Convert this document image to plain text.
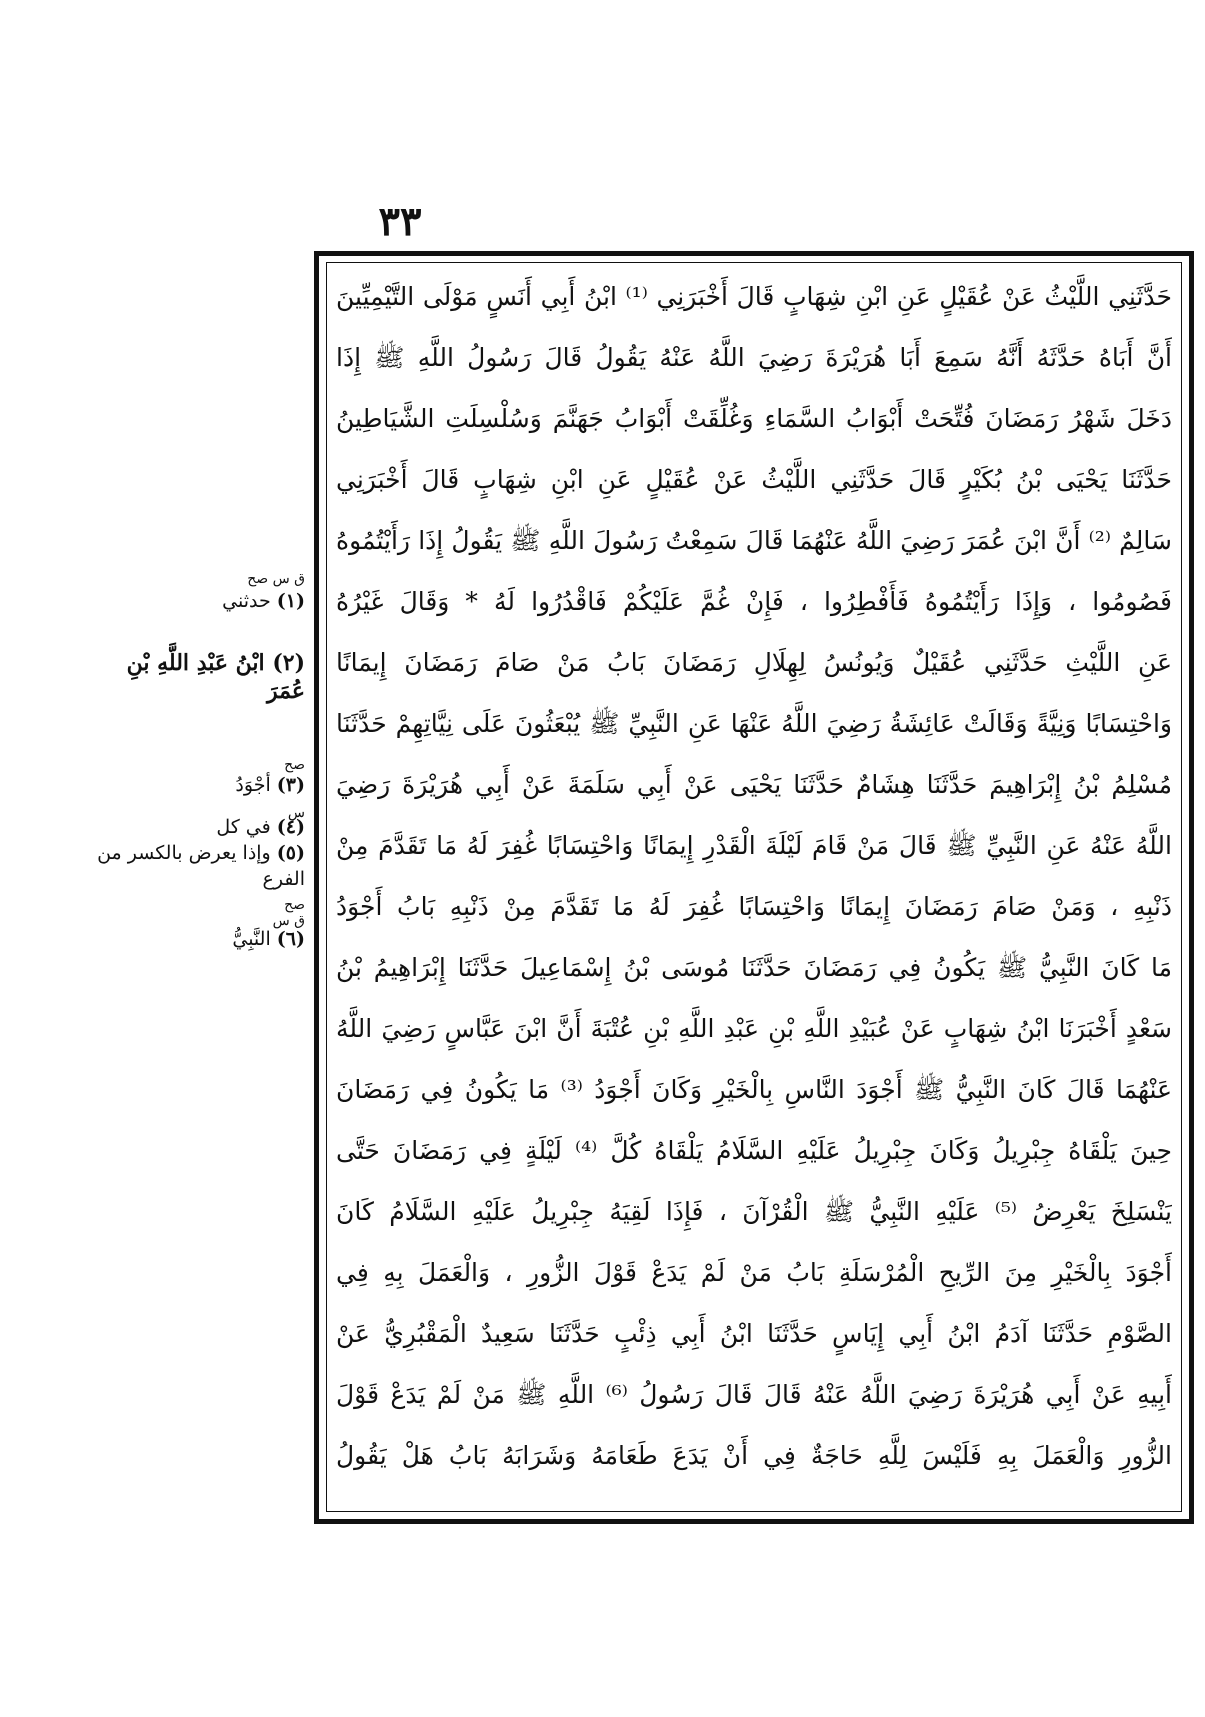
٣٣
حَدَّثَنِي اللَّيْثُ عَنْ عُقَيْلٍ عَنِ ابْنِ شِهَابٍ قَالَ أَخْبَرَنِي ⁽¹⁾ ابْنُ أَبِي أَنَسٍ مَوْلَى التَّيْمِيِّينَ
أَنَّ أَبَاهُ حَدَّثَهُ أَنَّهُ سَمِعَ أَبَا هُرَيْرَةَ رَضِيَ اللَّهُ عَنْهُ يَقُولُ قَالَ رَسُولُ اللَّهِ ﷺ إِذَا
دَخَلَ شَهْرُ رَمَضَانَ فُتِّحَتْ أَبْوَابُ السَّمَاءِ وَغُلِّقَتْ أَبْوَابُ جَهَنَّمَ وَسُلْسِلَتِ الشَّيَاطِينُ
حَدَّثَنَا يَحْيَى بْنُ بُكَيْرٍ قَالَ حَدَّثَنِي اللَّيْثُ عَنْ عُقَيْلٍ عَنِ ابْنِ شِهَابٍ قَالَ أَخْبَرَنِي
سَالِمٌ ⁽²⁾ أَنَّ ابْنَ عُمَرَ رَضِيَ اللَّهُ عَنْهُمَا قَالَ سَمِعْتُ رَسُولَ اللَّهِ ﷺ يَقُولُ إِذَا رَأَيْتُمُوهُ
فَصُومُوا ، وَإِذَا رَأَيْتُمُوهُ فَأَفْطِرُوا ، فَإِنْ غُمَّ عَلَيْكُمْ فَاقْدُرُوا لَهُ * وَقَالَ غَيْرُهُ
عَنِ اللَّيْثِ حَدَّثَنِي عُقَيْلٌ وَيُونُسُ لِهِلَالِ رَمَضَانَ بَابُ مَنْ صَامَ رَمَضَانَ إِيمَانًا
وَاحْتِسَابًا وَنِيَّةً وَقَالَتْ عَائِشَةُ رَضِيَ اللَّهُ عَنْهَا عَنِ النَّبِيِّ ﷺ يُبْعَثُونَ عَلَى نِيَّاتِهِمْ حَدَّثَنَا
مُسْلِمُ بْنُ إِبْرَاهِيمَ حَدَّثَنَا هِشَامٌ حَدَّثَنَا يَحْيَى عَنْ أَبِي سَلَمَةَ عَنْ أَبِي هُرَيْرَةَ رَضِيَ
اللَّهُ عَنْهُ عَنِ النَّبِيِّ ﷺ قَالَ مَنْ قَامَ لَيْلَةَ الْقَدْرِ إِيمَانًا وَاحْتِسَابًا غُفِرَ لَهُ مَا تَقَدَّمَ مِنْ
ذَنْبِهِ ، وَمَنْ صَامَ رَمَضَانَ إِيمَانًا وَاحْتِسَابًا غُفِرَ لَهُ مَا تَقَدَّمَ مِنْ ذَنْبِهِ بَابُ أَجْوَدُ
مَا كَانَ النَّبِيُّ ﷺ يَكُونُ فِي رَمَضَانَ حَدَّثَنَا مُوسَى بْنُ إِسْمَاعِيلَ حَدَّثَنَا إِبْرَاهِيمُ بْنُ
سَعْدٍ أَخْبَرَنَا ابْنُ شِهَابٍ عَنْ عُبَيْدِ اللَّهِ بْنِ عَبْدِ اللَّهِ بْنِ عُتْبَةَ أَنَّ ابْنَ عَبَّاسٍ رَضِيَ اللَّهُ
عَنْهُمَا قَالَ كَانَ النَّبِيُّ ﷺ أَجْوَدَ النَّاسِ بِالْخَيْرِ وَكَانَ أَجْوَدُ ⁽³⁾ مَا يَكُونُ فِي رَمَضَانَ
حِينَ يَلْقَاهُ جِبْرِيلُ وَكَانَ جِبْرِيلُ عَلَيْهِ السَّلَامُ يَلْقَاهُ كُلَّ ⁽⁴⁾ لَيْلَةٍ فِي رَمَضَانَ حَتَّى
يَنْسَلِخَ يَعْرِضُ ⁽⁵⁾ عَلَيْهِ النَّبِيُّ ﷺ الْقُرْآنَ ، فَإِذَا لَقِيَهُ جِبْرِيلُ عَلَيْهِ السَّلَامُ كَانَ
أَجْوَدَ بِالْخَيْرِ مِنَ الرِّيحِ الْمُرْسَلَةِ بَابُ مَنْ لَمْ يَدَعْ قَوْلَ الزُّورِ ، وَالْعَمَلَ بِهِ فِي
الصَّوْمِ حَدَّثَنَا آدَمُ ابْنُ أَبِي إِيَاسٍ حَدَّثَنَا ابْنُ أَبِي ذِئْبٍ حَدَّثَنَا سَعِيدٌ الْمَقْبُرِيُّ عَنْ
أَبِيهِ عَنْ أَبِي هُرَيْرَةَ رَضِيَ اللَّهُ عَنْهُ قَالَ قَالَ رَسُولُ ⁽⁶⁾ اللَّهِ ﷺ مَنْ لَمْ يَدَعْ قَوْلَ
الزُّورِ وَالْعَمَلَ بِهِ فَلَيْسَ لِلَّهِ حَاجَةٌ فِي أَنْ يَدَعَ طَعَامَهُ وَشَرَابَهُ بَابُ هَلْ يَقُولُ
ق س صح
(١) حدثني
(٢) ابْنُ عَبْدِ اللَّهِ بْنِ
عُمَرَ
صح
(٣) أجْوَدُ
س
(٤) في كل
(٥) وإذا يعرض بالكسر من
الفرع
صح
ق س
(٦) النَّبِيُّ
